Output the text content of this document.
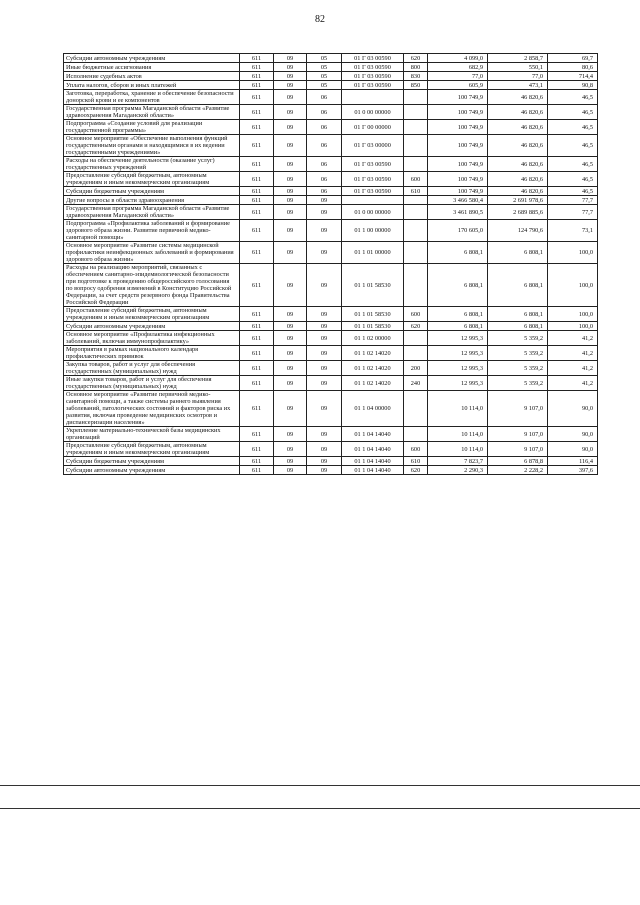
82
Субсидии автономным учреждениям	611	09	05	01 Г 03 00590	620	4 099,0	2 858,7	69,7
Иные бюджетные ассигнования	611	09	05	01 Г 03 00590	800	682,9	550,1	80,6
Исполнение судебных актов	611	09	05	01 Г 03 00590	830	77,0	77,0	714,4
Уплата налогов, сборов и иных платежей	611	09	05	01 Г 03 00590	850	605,9	473,1	90,8
Заготовка, переработка, хранение и обеспечение безопасности донорской крови и ее компонентов	611	09	06			100 749,9	46 820,6	46,5
Государственная программа Магаданской области «Развитие здравоохранения Магаданской области»	611	09	06	01 0 00 00000		100 749,9	46 820,6	46,5
Подпрограмма «Создание условий для реализации государственной программы»	611	09	06	01 Г 00 00000		100 749,9	46 820,6	46,5
Основное мероприятие «Обеспечение выполнения функций государственными органами и находящимися в их ведении государственными учреждениями»	611	09	06	01 Г 03 00000		100 749,9	46 820,6	46,5
Расходы на обеспечение деятельности (оказание услуг) государственных учреждений	611	09	06	01 Г 03 00590		100 749,9	46 820,6	46,5
Предоставление субсидий бюджетным, автономным учреждениям и иным некоммерческим организациям	611	09	06	01 Г 03 00590	600	100 749,9	46 820,6	46,5
Субсидии бюджетным учреждениям	611	09	06	01 Г 03 00590	610	100 749,9	46 820,6	46,5
Другие вопросы в области здравоохранения	611	09	09			3 466 580,4	2 691 978,6	77,7
Государственная программа Магаданской области «Развитие здравоохранения Магаданской области»	611	09	09	01 0 00 00000		3 461 890,5	2 689 885,6	77,7
Подпрограмма «Профилактика заболеваний и формирование здорового образа жизни. Развитие первичной медико-санитарной помощи»	611	09	09	01 1 00 00000		170 605,0	124 790,6	73,1
Основное мероприятие «Развитие системы медицинской профилактики неинфекционных заболеваний и формирования здорового образа жизни»	611	09	09	01 1 01 00000		6 808,1	6 808,1	100,0
Расходы на реализацию мероприятий, связанных с обеспечением санитарно-эпидемиологической безопасности при подготовке к проведению общероссийского голосования по вопросу одобрения изменений в Конституцию Российской Федерации, за счет средств резервного фонда Правительства Российской Федерации	611	09	09	01 1 01 58530		6 808,1	6 808,1	100,0
Предоставление субсидий бюджетным, автономным учреждениям и иным некоммерческим организациям	611	09	09	01 1 01 58530	600	6 808,1	6 808,1	100,0
Субсидии автономным учреждениям	611	09	09	01 1 01 58530	620	6 808,1	6 808,1	100,0
Основное мероприятие «Профилактика инфекционных заболеваний, включая иммунопрофилактику»	611	09	09	01 1 02 00000		12 995,3	5 359,2	41,2
Мероприятия в рамках национального календаря профилактических прививок	611	09	09	01 1 02 14020		12 995,3	5 359,2	41,2
Закупка товаров, работ и услуг для обеспечения государственных (муниципальных) нужд	611	09	09	01 1 02 14020	200	12 995,3	5 359,2	41,2
Иные закупки товаров, работ и услуг для обеспечения государственных (муниципальных) нужд	611	09	09	01 1 02 14020	240	12 995,3	5 359,2	41,2
Основное мероприятие «Развитие первичной медико-санитарной помощи, а также системы раннего выявления заболеваний, патологических состояний и факторов риска их развития, включая проведение медицинских осмотров и диспансеризации населения»	611	09	09	01 1 04 00000		10 114,0	9 107,0	90,0
Укрепление материально-технической базы медицинских организаций	611	09	09	01 1 04 14040		10 114,0	9 107,0	90,0
Предоставление субсидий бюджетным, автономным учреждениям и иным некоммерческим организациям	611	09	09	01 1 04 14040	600	10 114,0	9 107,0	90,0
Субсидии бюджетным учреждениям	611	09	09	01 1 04 14040	610	7 823,7	6 878,8	116,4
Субсидии автономным учреждениям	611	09	09	01 1 04 14040	620	2 290,3	2 228,2	397,6
